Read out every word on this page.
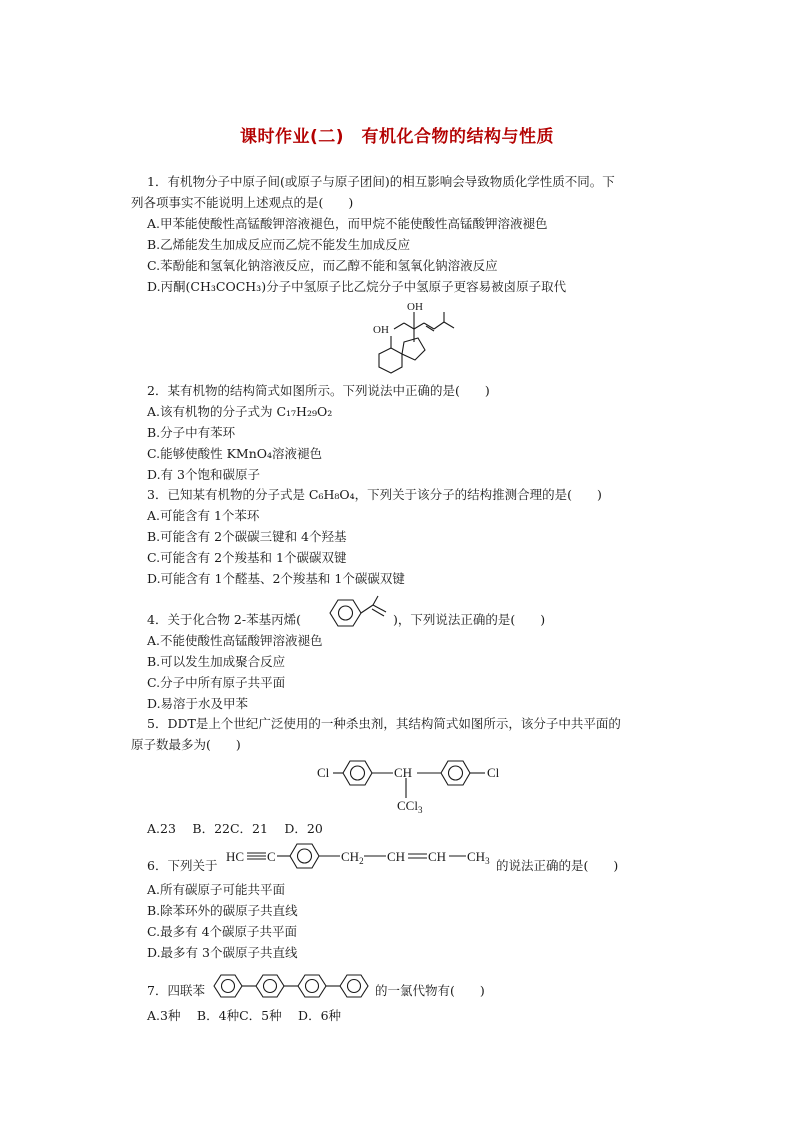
课时作业(二)　有机化合物的结构与性质
1．有机物分子中原子间(或原子与原子团间)的相互影响会导致物质化学性质不同。下
列各项事实不能说明上述观点的是(　　)
A.甲苯能使酸性高锰酸钾溶液褪色，而甲烷不能使酸性高锰酸钾溶液褪色
B.乙烯能发生加成反应而乙烷不能发生加成反应
C.苯酚能和氢氧化钠溶液反应，而乙醇不能和氢氧化钠溶液反应
D.丙酮(CH₃COCH₃)分子中氢原子比乙烷分子中氢原子更容易被卤原子取代
OH
OH
2．某有机物的结构简式如图所示。下列说法中正确的是(　　)
A.该有机物的分子式为 C₁₇H₂₉O₂
B.分子中有苯环
C.能够使酸性 KMnO₄溶液褪色
D.有 3个饱和碳原子
3．已知某有机物的分子式是 C₆H₈O₄，下列关于该分子的结构推测合理的是(　　)
A.可能含有 1个苯环
B.可能含有 2个碳碳三键和 4个羟基
C.可能含有 2个羧基和 1个碳碳双键
D.可能含有 1个醛基、2个羧基和 1个碳碳双键
4．关于化合物 2-苯基丙烯(	)，下列说法正确的是(　　)
A.不能使酸性高锰酸钾溶液褪色
B.可以发生加成聚合反应
C.分子中所有原子共平面
D.易溶于水及甲苯
5．DDT是上个世纪广泛使用的一种杀虫剂，其结构简式如图所示，该分子中共平面的
原子数最多为(　　)
Cl	CH	Cl
CCl$_3$
A.23　 B．22C．21　 D．20
6．下列关于
HC C	$CH_2$ CH CH $CH_3$ 的说法正确的是(　　)
A.所有碳原子可能共平面
B.除苯环外的碳原子共直线
C.最多有 4个碳原子共平面
D.最多有 3个碳原子共直线
7．四联苯	的一氯代物有(　　)
A.3种　 B．4种C．5种　 D．6种
